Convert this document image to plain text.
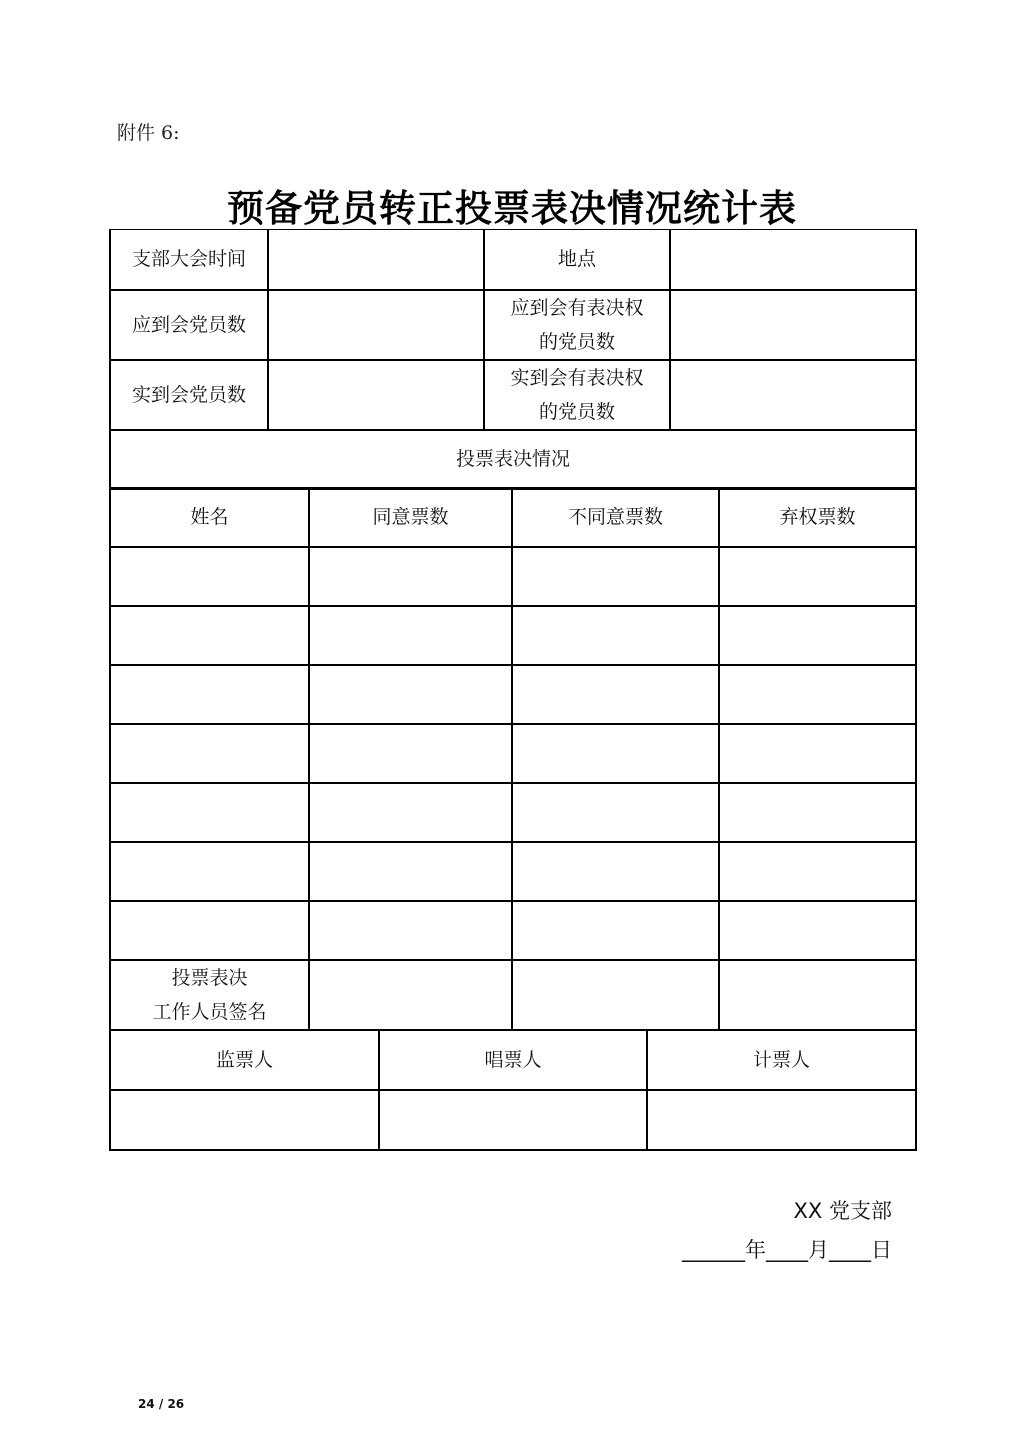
附件 6:
预备党员转正投票表决情况统计表
支部大会时间		地点	
应到会党员数		应到会有表决权
的党员数	

实到会党员数		实到会有表决权
的党员数	

投票表决情况			
姓名	同意票数	不同意票数	弃权票数

投票表决
工作人员签名			

监票人	唱票人	计票人

XX 党支部
______年____月____日
24 / 26
